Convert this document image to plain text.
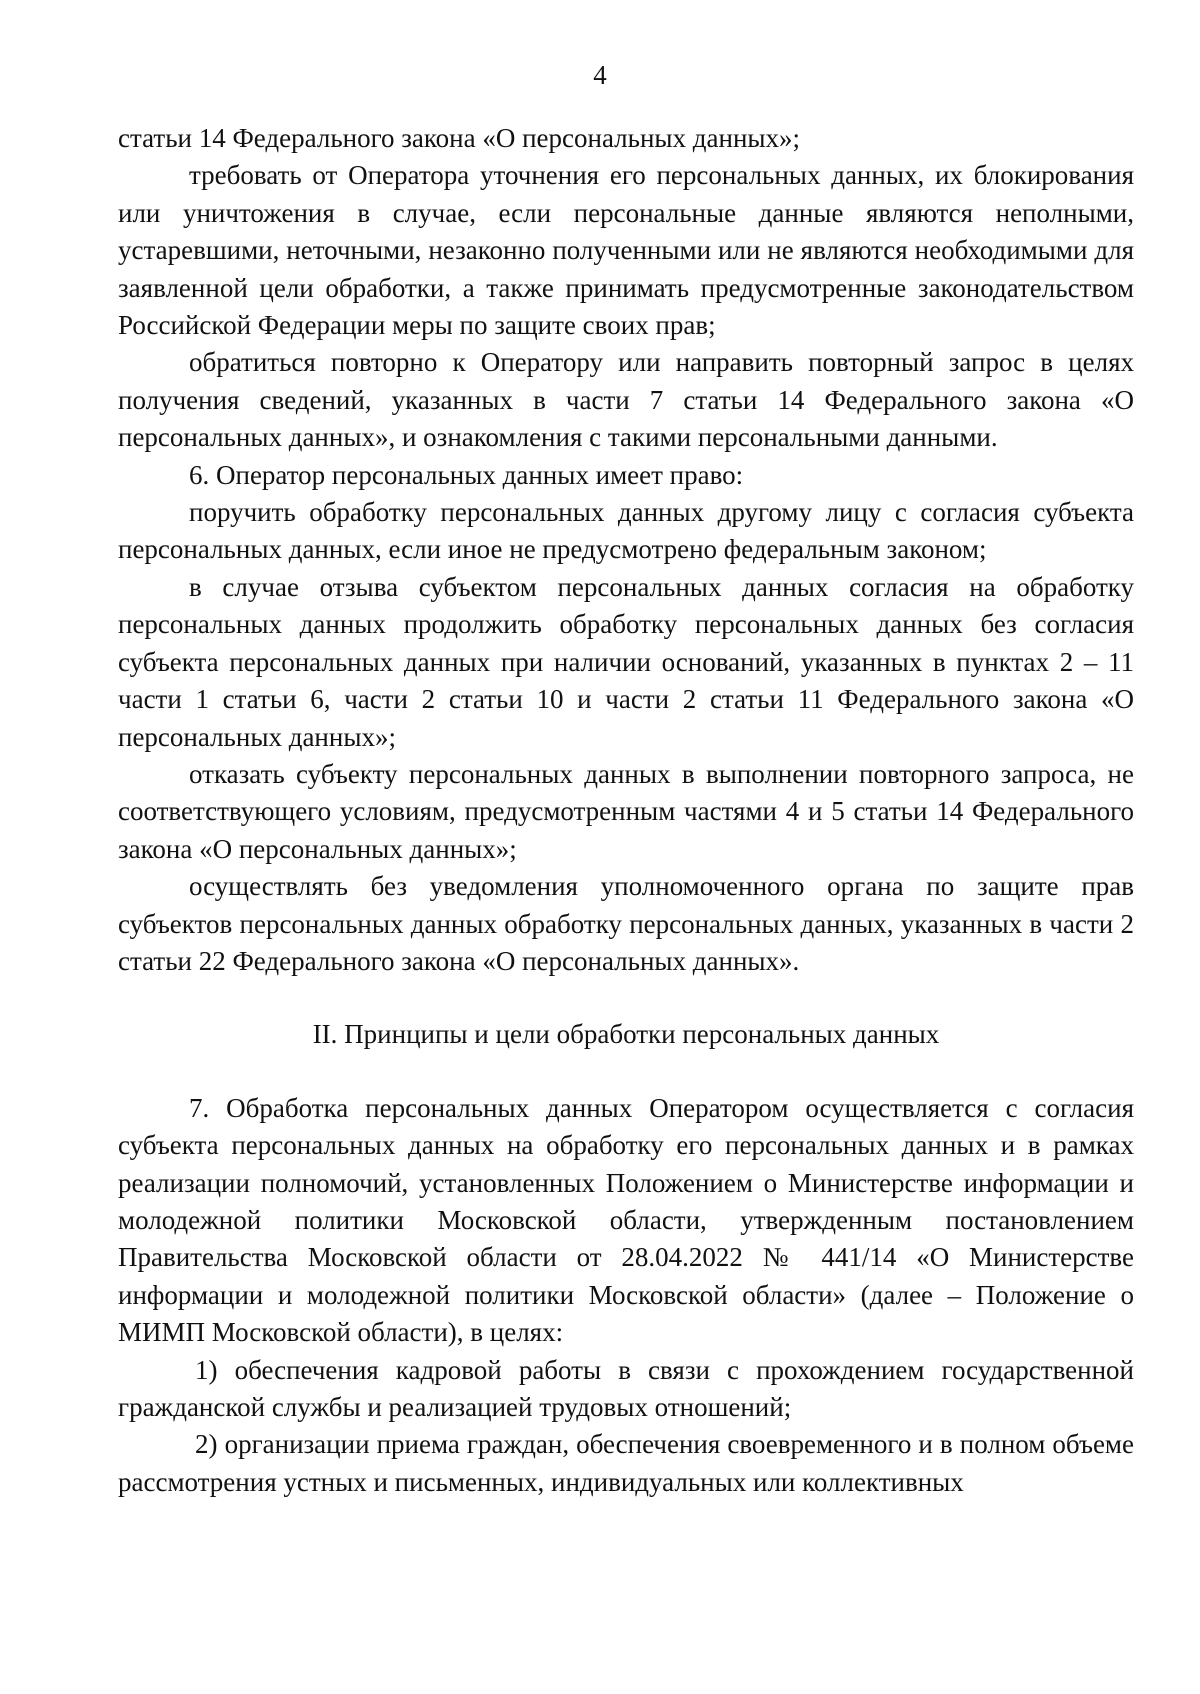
4

статьи 14 Федерального закона «О персональных данных»;

требовать от Оператора уточнения его персональных данных, их блокирования или уничтожения в случае, если персональные данные являются неполными, устаревшими, неточными, незаконно полученными или не являются необходимыми для заявленной цели обработки, а также принимать предусмотренные законодательством Российской Федерации меры по защите своих прав;

обратиться повторно к Оператору или направить повторный запрос в целях получения сведений, указанных в части 7 статьи 14 Федерального закона «О персональных данных», и ознакомления с такими персональными данными.

6. Оператор персональных данных имеет право:

поручить обработку персональных данных другому лицу с согласия субъекта персональных данных, если иное не предусмотрено федеральным законом;

в случае отзыва субъектом персональных данных согласия на обработку персональных данных продолжить обработку персональных данных без согласия субъекта персональных данных при наличии оснований, указанных в пунктах 2 – 11 части 1 статьи 6, части 2 статьи 10 и части 2 статьи 11 Федерального закона «О персональных данных»;

отказать субъекту персональных данных в выполнении повторного запроса, не соответствующего условиям, предусмотренным частями 4 и 5 статьи 14 Федерального закона «О персональных данных»;

осуществлять без уведомления уполномоченного органа по защите прав субъектов персональных данных обработку персональных данных, указанных в части 2 статьи 22 Федерального закона «О персональных данных».

II. Принципы и цели обработки персональных данных

7. Обработка персональных данных Оператором осуществляется с согласия субъекта персональных данных на обработку его персональных данных и в рамках реализации полномочий, установленных Положением о Министерстве информации и молодежной политики Московской области, утвержденным постановлением Правительства Московской области от 28.04.2022 № 441/14 «О Министерстве информации и молодежной политики Московской области» (далее – Положение о МИМП Московской области), в целях:

1) обеспечения кадровой работы в связи с прохождением государственной гражданской службы и реализацией трудовых отношений;

2) организации приема граждан, обеспечения своевременного и в полном объеме рассмотрения устных и письменных, индивидуальных или коллективных
